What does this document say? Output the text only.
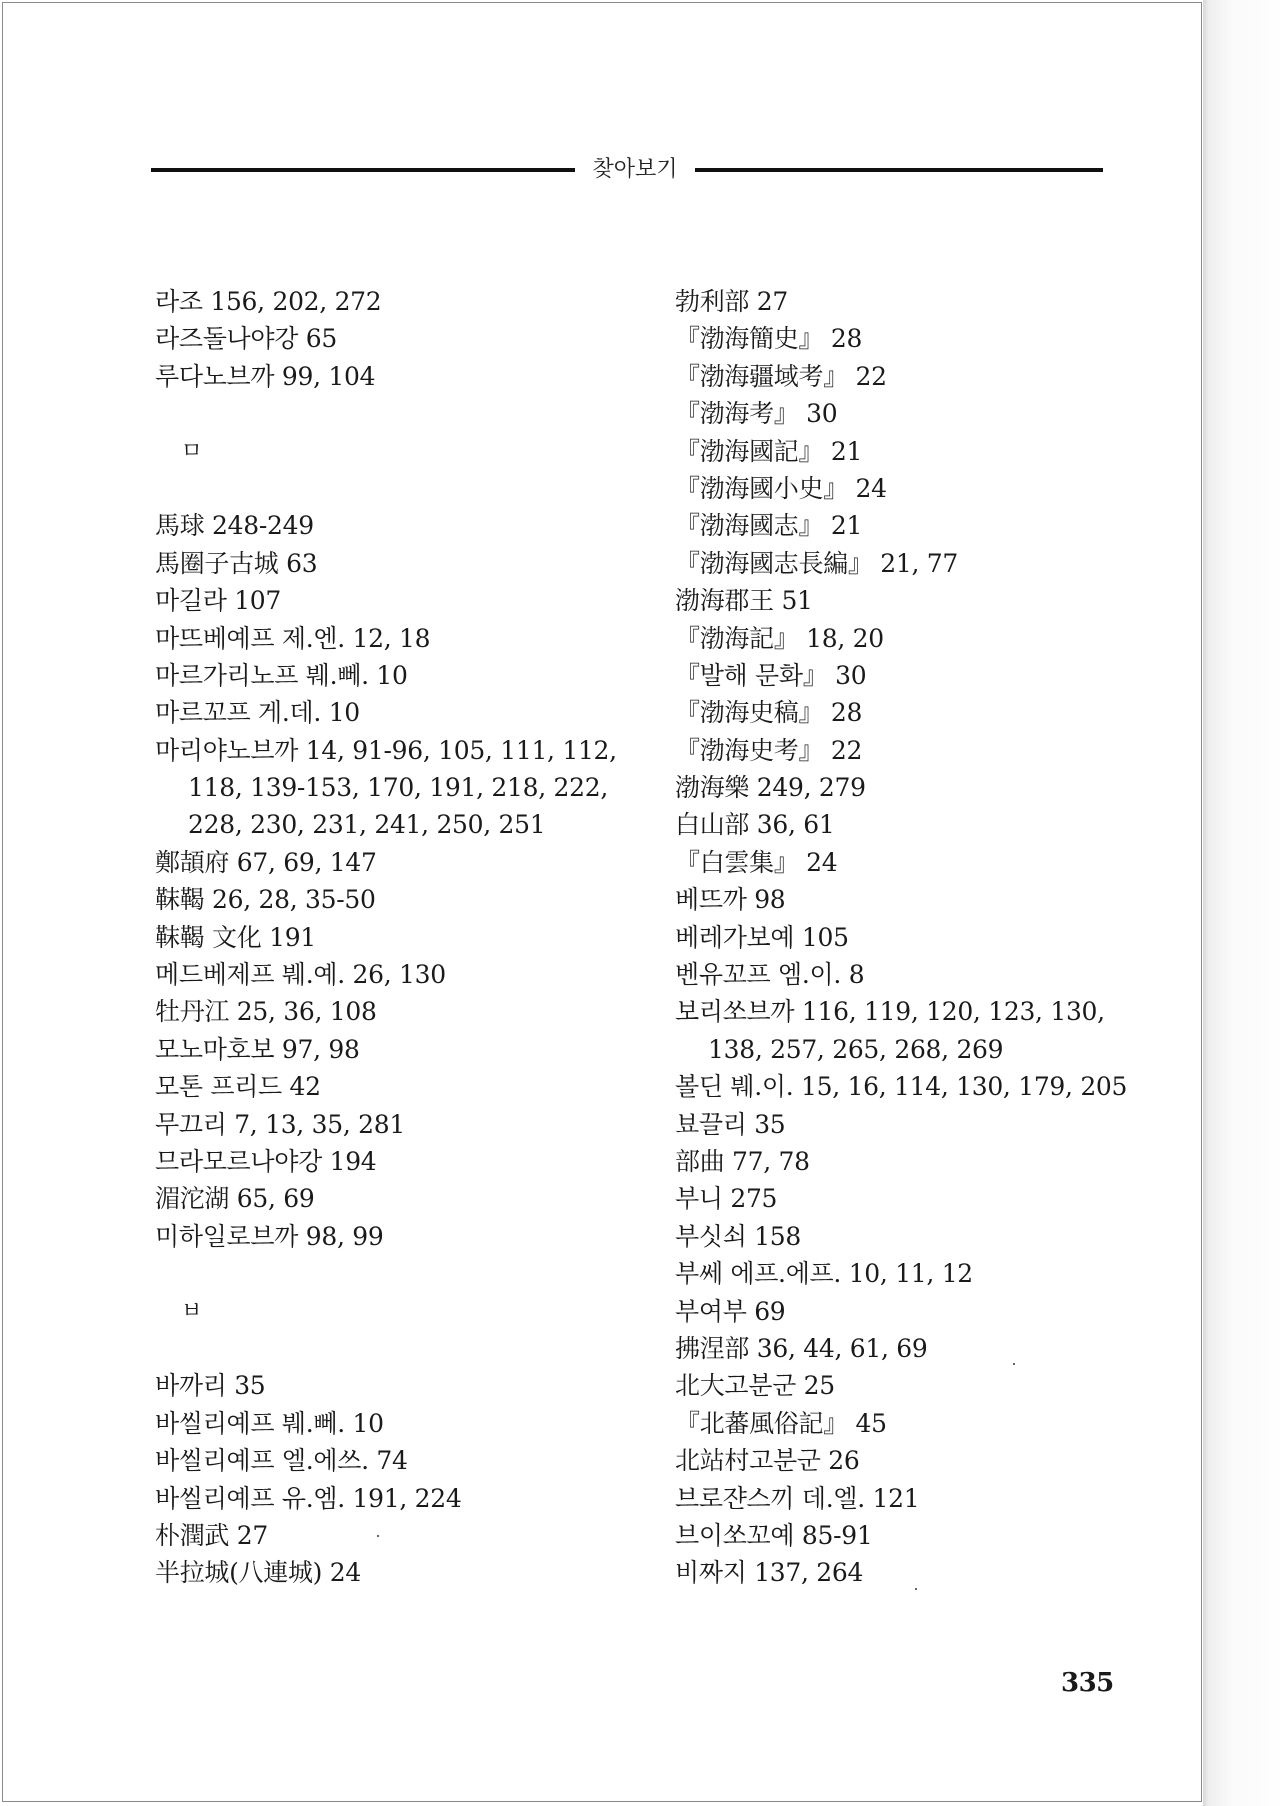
찾아보기
라조 156, 202, 272
라즈돌나야강 65
루다노브까 99, 104
ㅁ
馬球 248-249
馬圈子古城 63
마길라 107
마뜨베예프 제.엔. 12, 18
마르가리노프 붸.뻬. 10
마르꼬프 게.데. 10
마리야노브까 14, 91-96, 105, 111, 112,
118, 139-153, 170, 191, 218, 222,
228, 230, 231, 241, 250, 251
鄭頡府 67, 69, 147
靺鞨 26, 28, 35-50
靺鞨 文化 191
메드베제프 붸.예. 26, 130
牡丹江 25, 36, 108
모노마호보 97, 98
모톤 프리드 42
무끄리 7, 13, 35, 281
므라모르나야강 194
湄沱湖 65, 69
미하일로브까 98, 99
ㅂ
바까리 35
바씰리예프 붸.뻬. 10
바씰리예프 엘.에쓰. 74
바씰리예프 유.엠. 191, 224
朴潤武 27
半拉城(八連城) 24
勃利部 27
『渤海簡史』 28
『渤海疆域考』 22
『渤海考』 30
『渤海國記』 21
『渤海國小史』 24
『渤海國志』 21
『渤海國志長編』 21, 77
渤海郡王 51
『渤海記』 18, 20
『발해 문화』 30
『渤海史稿』 28
『渤海史考』 22
渤海樂 249, 279
白山部 36, 61
『白雲集』 24
베뜨까 98
베레가보예 105
벤유꼬프 엠.이. 8
보리쏘브까 116, 119, 120, 123, 130,
138, 257, 265, 268, 269
볼딘 붸.이. 15, 16, 114, 130, 179, 205
뵤끌리 35
部曲 77, 78
부니 275
부싯쇠 158
부쎄 에프.에프. 10, 11, 12
부여부 69
拂涅部 36, 44, 61, 69
北大고분군 25
『北蕃風俗記』 45
北站村고분군 26
브로쟌스끼 데.엘. 121
브이쏘꼬예 85-91
비짜지 137, 264
335
